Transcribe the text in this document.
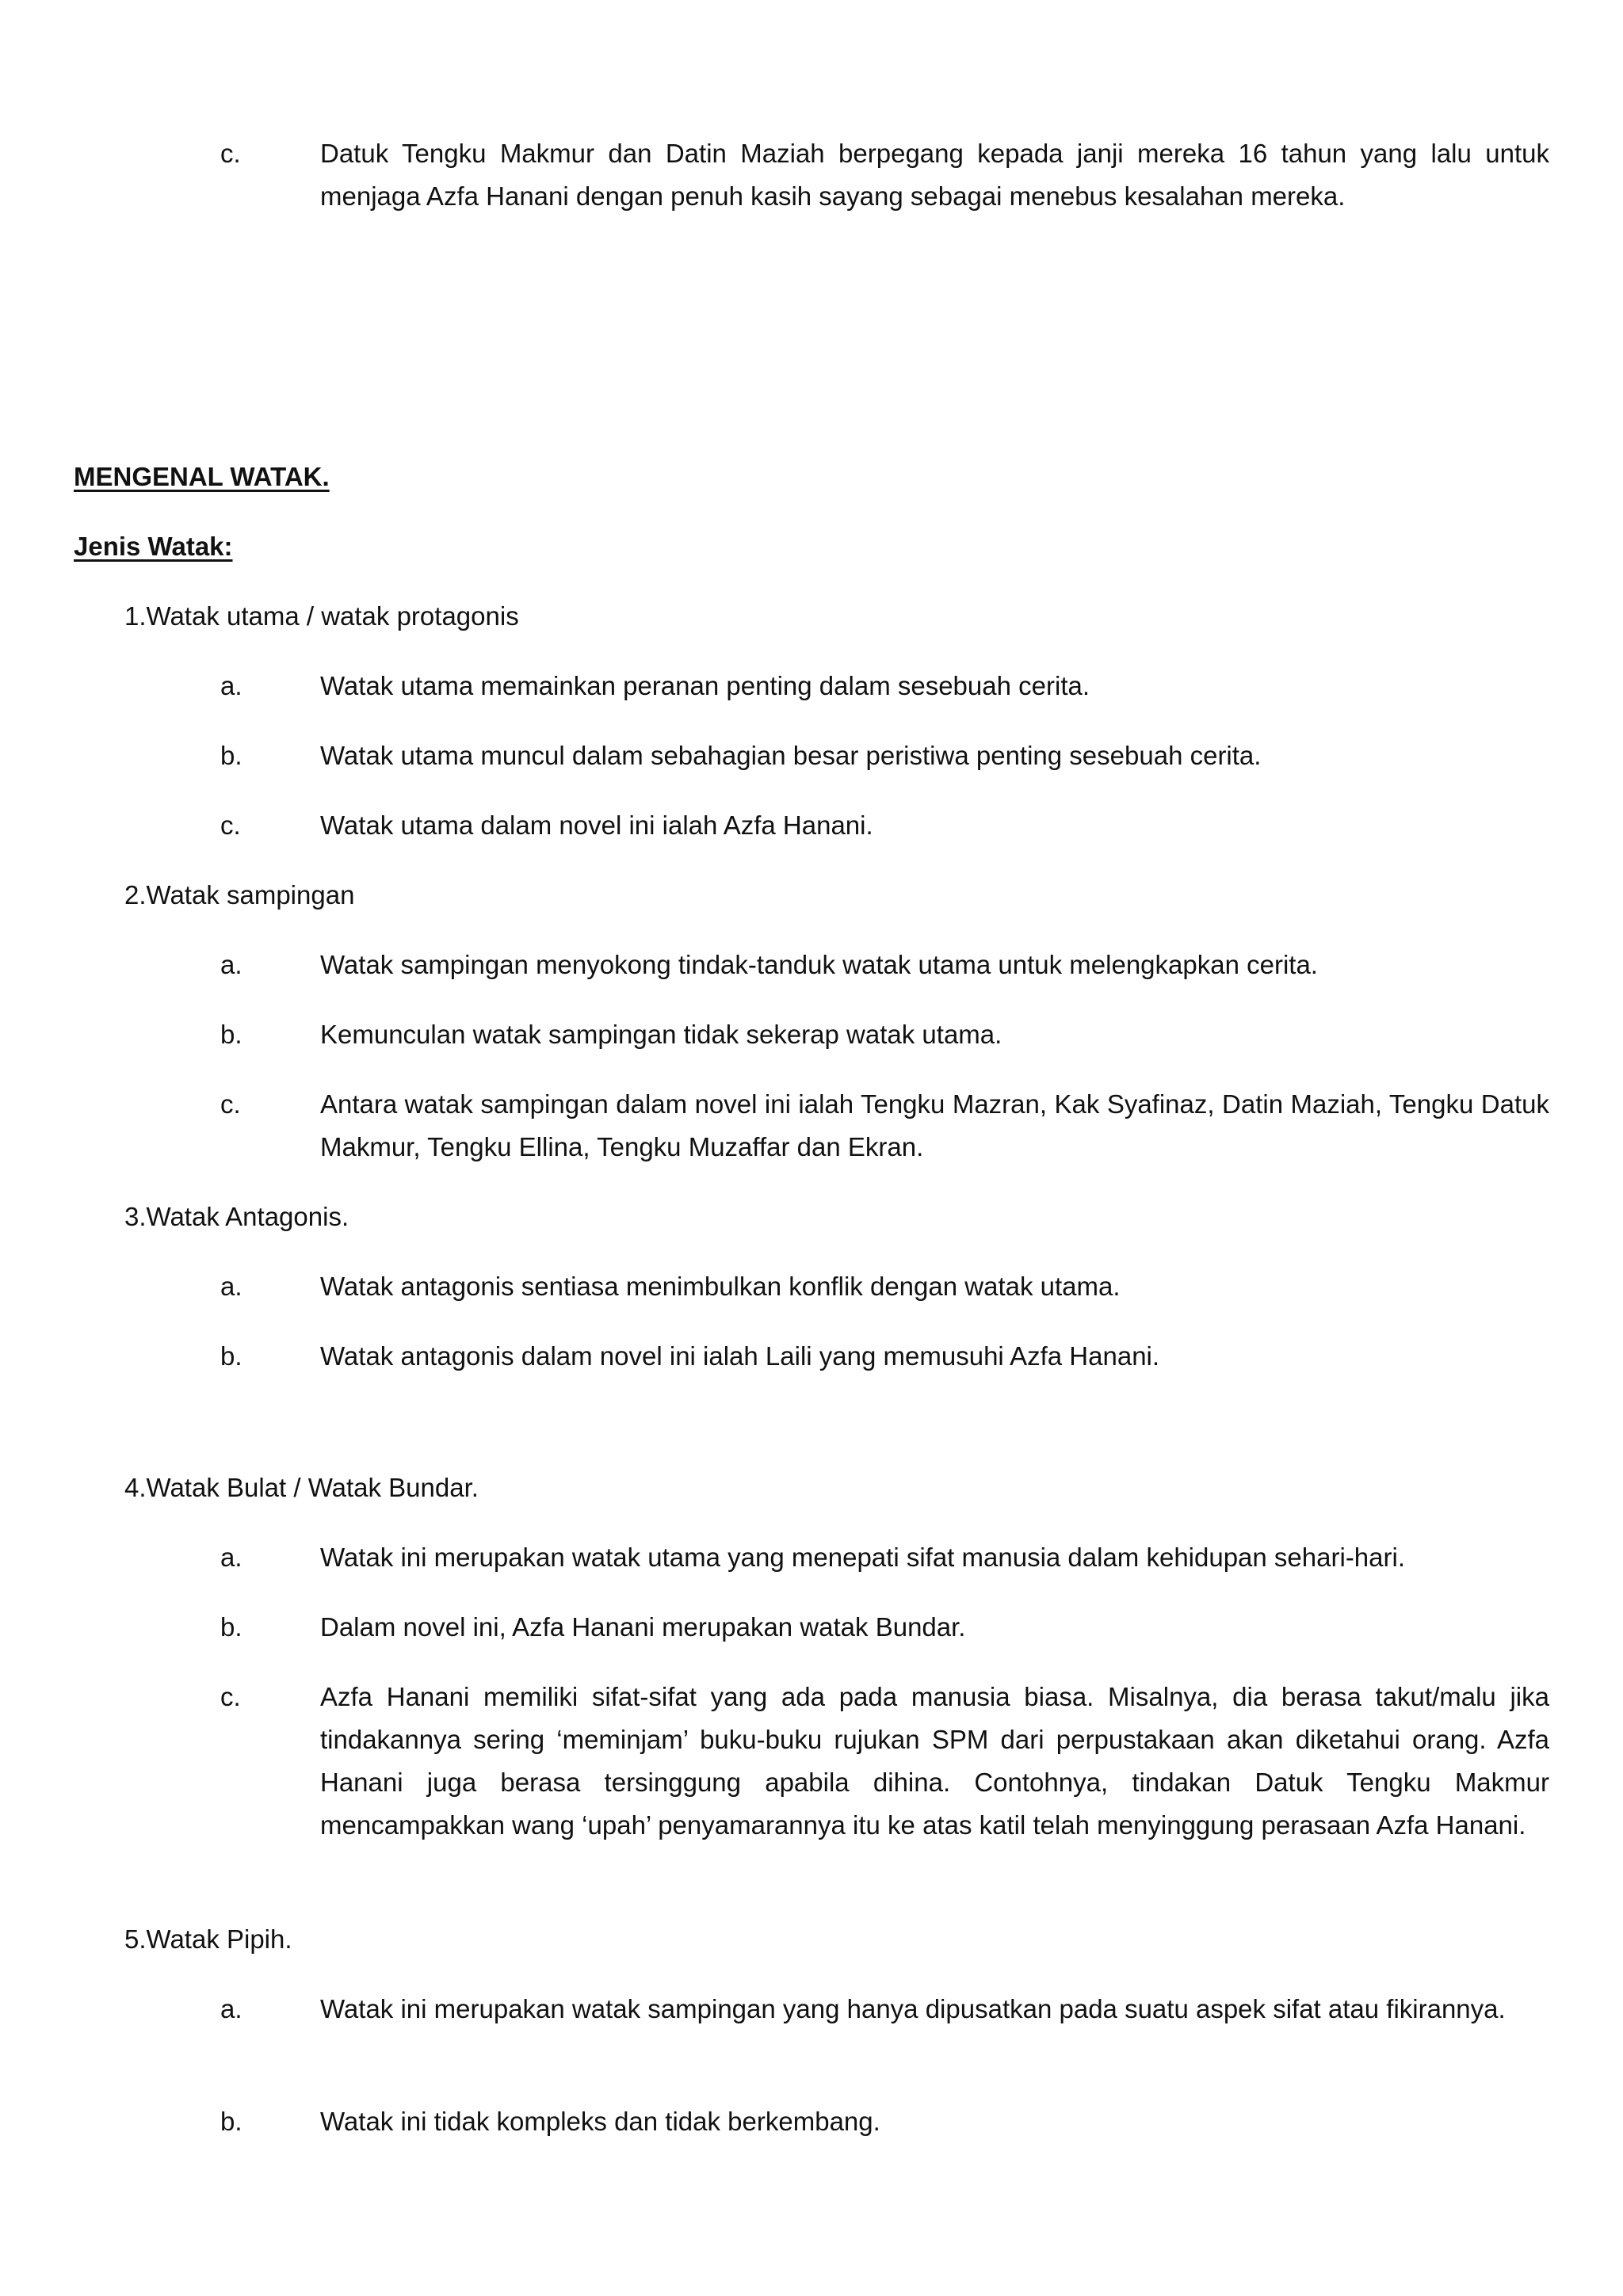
c.	Datuk Tengku Makmur dan Datin Maziah berpegang kepada janji mereka 16 tahun yang lalu untuk menjaga Azfa Hanani dengan penuh kasih sayang sebagai menebus kesalahan mereka.
MENGENAL WATAK.
Jenis Watak:
1.Watak utama / watak protagonis
a.	Watak utama memainkan peranan penting dalam sesebuah cerita.
b.	Watak utama muncul dalam sebahagian besar peristiwa penting sesebuah cerita.
c.	Watak utama dalam novel ini ialah Azfa Hanani.
2.Watak sampingan
a.	Watak sampingan menyokong tindak-tanduk watak utama untuk melengkapkan cerita.
b.	Kemunculan watak sampingan tidak sekerap watak utama.
c.	Antara watak sampingan dalam novel ini ialah Tengku Mazran, Kak Syafinaz, Datin Maziah, Tengku Datuk Makmur, Tengku Ellina, Tengku Muzaffar dan Ekran.
3.Watak Antagonis.
a.	Watak antagonis sentiasa menimbulkan konflik dengan watak utama.
b.	Watak antagonis dalam novel ini ialah Laili yang memusuhi Azfa Hanani.
4.Watak Bulat / Watak Bundar.
a.	Watak ini merupakan watak utama yang menepati sifat manusia dalam kehidupan sehari-hari.
b.	Dalam novel ini, Azfa Hanani merupakan watak Bundar.
c.	Azfa Hanani memiliki sifat-sifat yang ada pada manusia biasa. Misalnya, dia berasa takut/malu jika tindakannya sering ‘meminjam’ buku-buku rujukan SPM dari perpustakaan akan diketahui orang. Azfa Hanani juga berasa tersinggung apabila dihina. Contohnya, tindakan Datuk Tengku Makmur mencampakkan wang ‘upah’ penyamarannya itu ke atas katil telah menyinggung perasaan Azfa Hanani.
5.Watak Pipih.
a.	Watak ini merupakan watak sampingan yang hanya dipusatkan pada suatu aspek sifat atau fikirannya.
b.	Watak ini tidak kompleks dan tidak berkembang.
